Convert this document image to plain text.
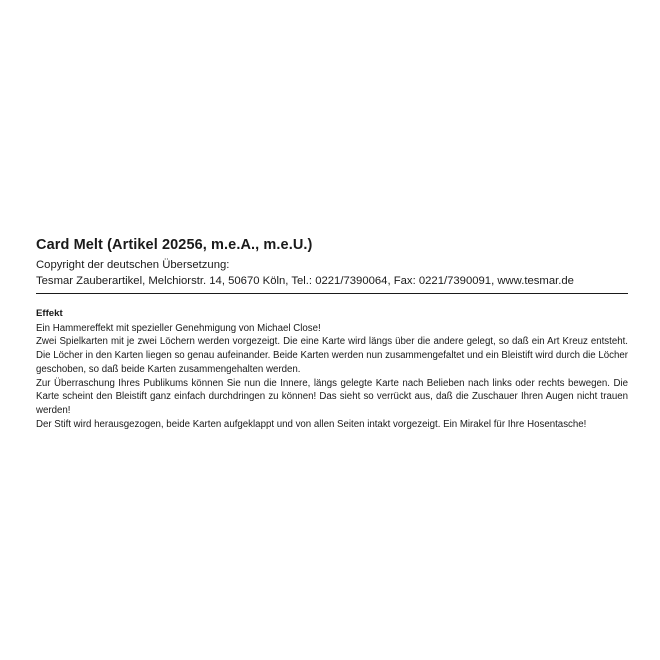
Card Melt (Artikel 20256, m.e.A., m.e.U.)

Copyright der deutschen Übersetzung:

Tesmar Zauberartikel, Melchiorstr. 14, 50670 Köln, Tel.: 0221/7390064, Fax: 0221/7390091, www.tesmar.de

Effekt

Ein Hammereffekt mit spezieller Genehmigung von Michael Close!

Zwei Spielkarten mit je zwei Löchern werden vorgezeigt. Die eine Karte wird längs über die andere gelegt, so daß ein Art Kreuz entsteht. Die Löcher in den Karten liegen so genau aufeinander. Beide Karten werden nun zusammengefaltet und ein Bleistift wird durch die Löcher geschoben, so daß beide Karten zusammengehalten werden.

Zur Überraschung Ihres Publikums können Sie nun die Innere, längs gelegte Karte nach Belieben nach links oder rechts bewegen. Die Karte scheint den Bleistift ganz einfach durchdringen zu können! Das sieht so verrückt aus, daß die Zuschauer Ihren Augen nicht trauen werden!

Der Stift wird herausgezogen, beide Karten aufgeklappt und von allen Seiten intakt vorgezeigt. Ein Mirakel für Ihre Hosentasche!
